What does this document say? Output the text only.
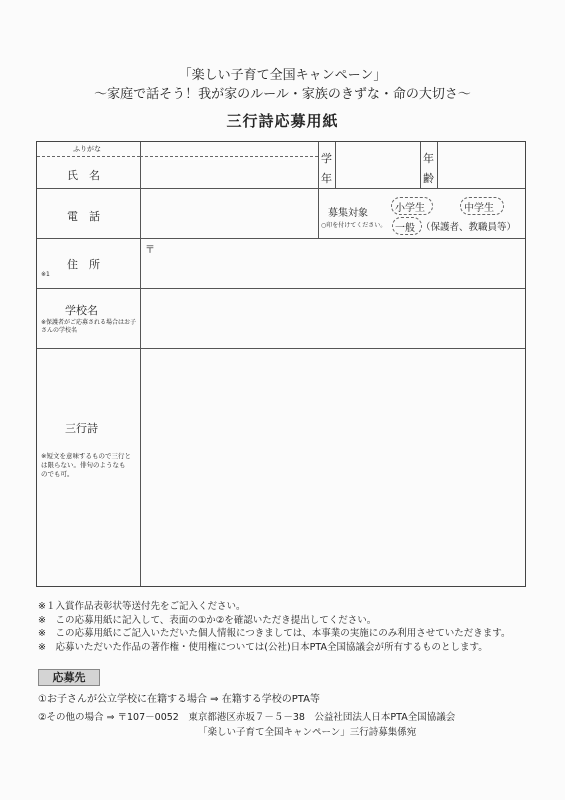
「楽しい子育て全国キャンペーン」
～家庭で話そう！我が家のルール・家族のきずな・命の大切さ～
三行詩応募用紙
ふりがな
氏　名
学
年
年
齢
電　話	募集対象
○印を付けてください。
小学生	中学生
一般 （保護者、教職員等）
〒
住　所
※1
学校名
※保護者がご応募される場合はお子さんの学校名
三行詩
※短文を意味するもので三行とは限らない。俳句のようなものでも可。
※１入賞作品表彰状等送付先をご記入ください。
※　この応募用紙に記入して、表面の①か②を確認いただき提出してください。
※　この応募用紙にご記入いただいた個人情報につきましては、本事業の実施にのみ利用させていただきます。
※　応募いただいた作品の著作権・使用権については(公社)日本PTA全国協議会が所有するものとします。
応募先
①お子さんが公立学校に在籍する場合 ⇒ 在籍する学校のPTA等
②その他の場合 ⇒ 〒107－0052　東京都港区赤坂７－５－38　公益社団法人日本PTA全国協議会
「楽しい子育て全国キャンペーン」三行詩募集係宛
